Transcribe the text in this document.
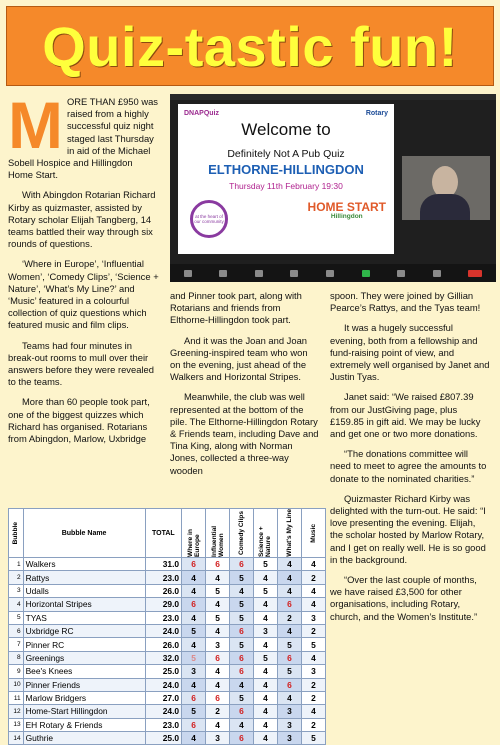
Quiz-tastic fun!

MORE THAN £950 was raised from a highly successful quiz night staged last Thursday in aid of the Michael Sobell Hospice and Hillingdon Home Start.

With Abingdon Rotarian Richard Kirby as quizmaster, assisted by Rotary scholar Elijah Tangberg, 14 teams battled their way through six rounds of questions.

‘Where in Europe’, ‘Influential Women’, ‘Comedy Clips’, ‘Science + Nature’, ‘What’s My Line?’ and ‘Music’ featured in a colourful collection of quiz questions which featured music and film clips.

Teams had four minutes in break-out rooms to mull over their answers before they were revealed to the teams.

More than 60 people took part, one of the biggest quizzes which Richard has organised. Rotarians from Abingdon, Marlow, Uxbridge

DNAPQuiz	Rotary
Welcome to
Definitely Not A Pub Quiz
ELTHORNE-HILLINGDON
Thursday 11th February 19:30
at the heart of our community
HOME START
Hillingdon

and Pinner took part, along with Rotarians and friends from Elthorne-Hillingdon took part.

And it was the Joan and Joan Greening-inspired team who won on the evening, just ahead of the Walkers and Horizontal Stripes.

Meanwhile, the club was well represented at the bottom of the pile. The Elthorne-Hillingdon Rotary & Friends team, including Dave and Tina King, along with Norman Jones, collected a three-way wooden

spoon. They were joined by Gillian Pearce’s Rattys, and the Tyas team!

It was a hugely successful evening, both from a fellowship and fund-raising point of view, and extremely well organised by Janet and Justin Tyas.

Janet said: “We raised £807.39 from our JustGiving page, plus £159.85 in gift aid. We may be lucky and get one or two more donations.

“The donations committee will need to meet to agree the amounts to donate to the nominated charities.”

Quizmaster Richard Kirby was delighted with the turn-out. He said: “I love presenting the evening. Elijah, the scholar hosted by Marlow Rotary, and I get on really well. He is so good in the background.

“Over the last couple of months, we have raised £3,500 for other organisations, including Rotary, church, and the Women’s Institute.”

Bubble	Bubble Name	TOTAL	Where in Europe	Influential Women	Comedy Clips	Science + Nature	What's My Line	Music

1	Walkers	31.0	6	6	6	5	4	4
2	Rattys	23.0	4	4	5	4	4	2
3	Udalls	26.0	4	5	4	5	4	4
4	Horizontal Stripes	29.0	6	4	5	4	6	4
5	TYAS	23.0	4	5	5	4	2	3
6	Uxbridge RC	24.0	5	4	6	3	4	2
7	Pinner RC	26.0	4	3	5	4	5	5
8	Greenings	32.0	5	6	6	5	6	4
9	Bee's Knees	25.0	3	4	6	4	5	3
10	Pinner Friends	24.0	4	4	4	4	6	2
11	Marlow Bridgers	27.0	6	6	5	4	4	2
12	Home-Start Hillingdon	24.0	5	2	6	4	3	4
13	EH Rotary & Friends	23.0	6	4	4	4	3	2
14	Guthrie	25.0	4	3	6	4	3	5
